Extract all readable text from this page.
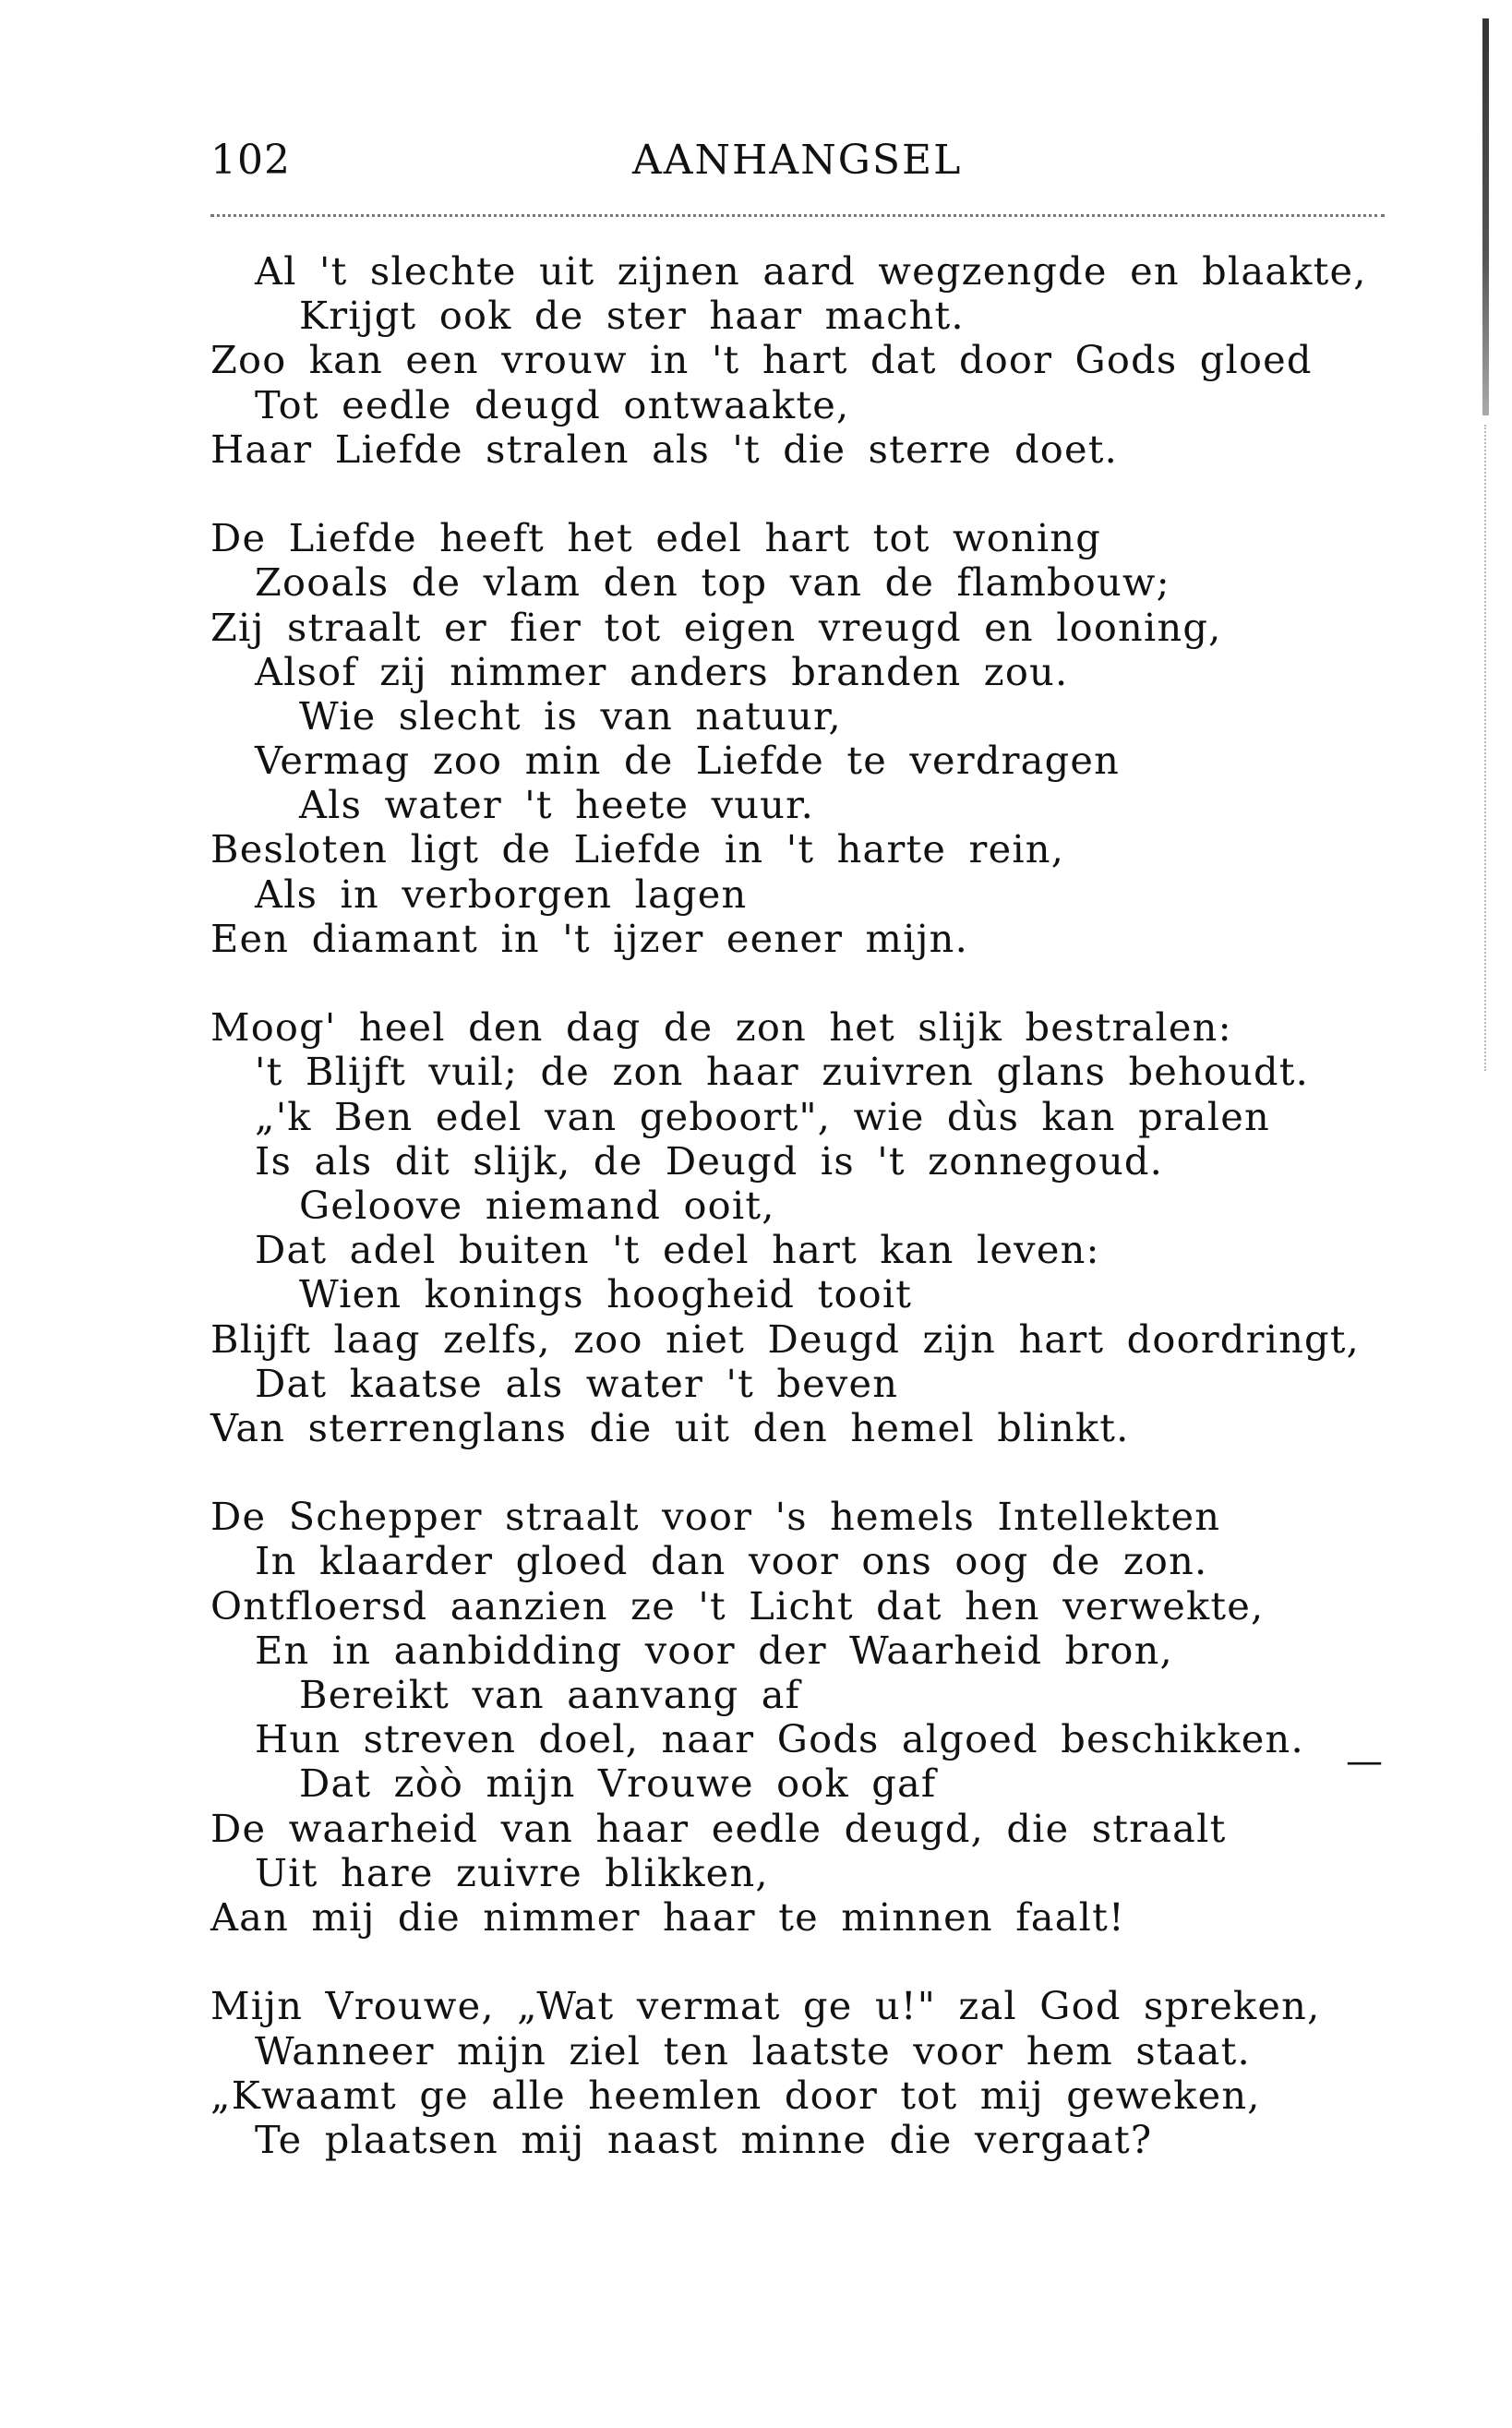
102	AANHANGSEL
Al 't slechte uit zijnen aard wegzengde en blaakte,
Krijgt ook de ster haar macht.
Zoo kan een vrouw in 't hart dat door Gods gloed
Tot eedle deugd ontwaakte,
Haar Liefde stralen als 't die sterre doet.
De Liefde heeft het edel hart tot woning
Zooals de vlam den top van de flambouw;
Zij straalt er fier tot eigen vreugd en looning,
Alsof zij nimmer anders branden zou.
Wie slecht is van natuur,
Vermag zoo min de Liefde te verdragen
Als water 't heete vuur.
Besloten ligt de Liefde in 't harte rein,
Als in verborgen lagen
Een diamant in 't ijzer eener mijn.
Moog' heel den dag de zon het slijk bestralen:
't Blijft vuil; de zon haar zuivren glans behoudt.
„'k Ben edel van geboort", wie dùs kan pralen
Is als dit slijk, de Deugd is 't zonnegoud.
Geloove niemand ooit,
Dat adel buiten 't edel hart kan leven:
Wien konings hoogheid tooit
Blijft laag zelfs, zoo niet Deugd zijn hart doordringt,
Dat kaatse als water 't beven
Van sterrenglans die uit den hemel blinkt.
De Schepper straalt voor 's hemels Intellekten
In klaarder gloed dan voor ons oog de zon.
Ontfloersd aanzien ze 't Licht dat hen verwekte,
En in aanbidding voor der Waarheid bron,
Bereikt van aanvang af
Hun streven doel, naar Gods algoed beschikken.
Dat zòò mijn Vrouwe ook gaf
De waarheid van haar eedle deugd, die straalt
Uit hare zuivre blikken,
Aan mij die nimmer haar te minnen faalt!
Mijn Vrouwe, „Wat vermat ge u!" zal God spreken,
Wanneer mijn ziel ten laatste voor hem staat.
„Kwaamt ge alle heemlen door tot mij geweken,
Te plaatsen mij naast minne die vergaat?
—
